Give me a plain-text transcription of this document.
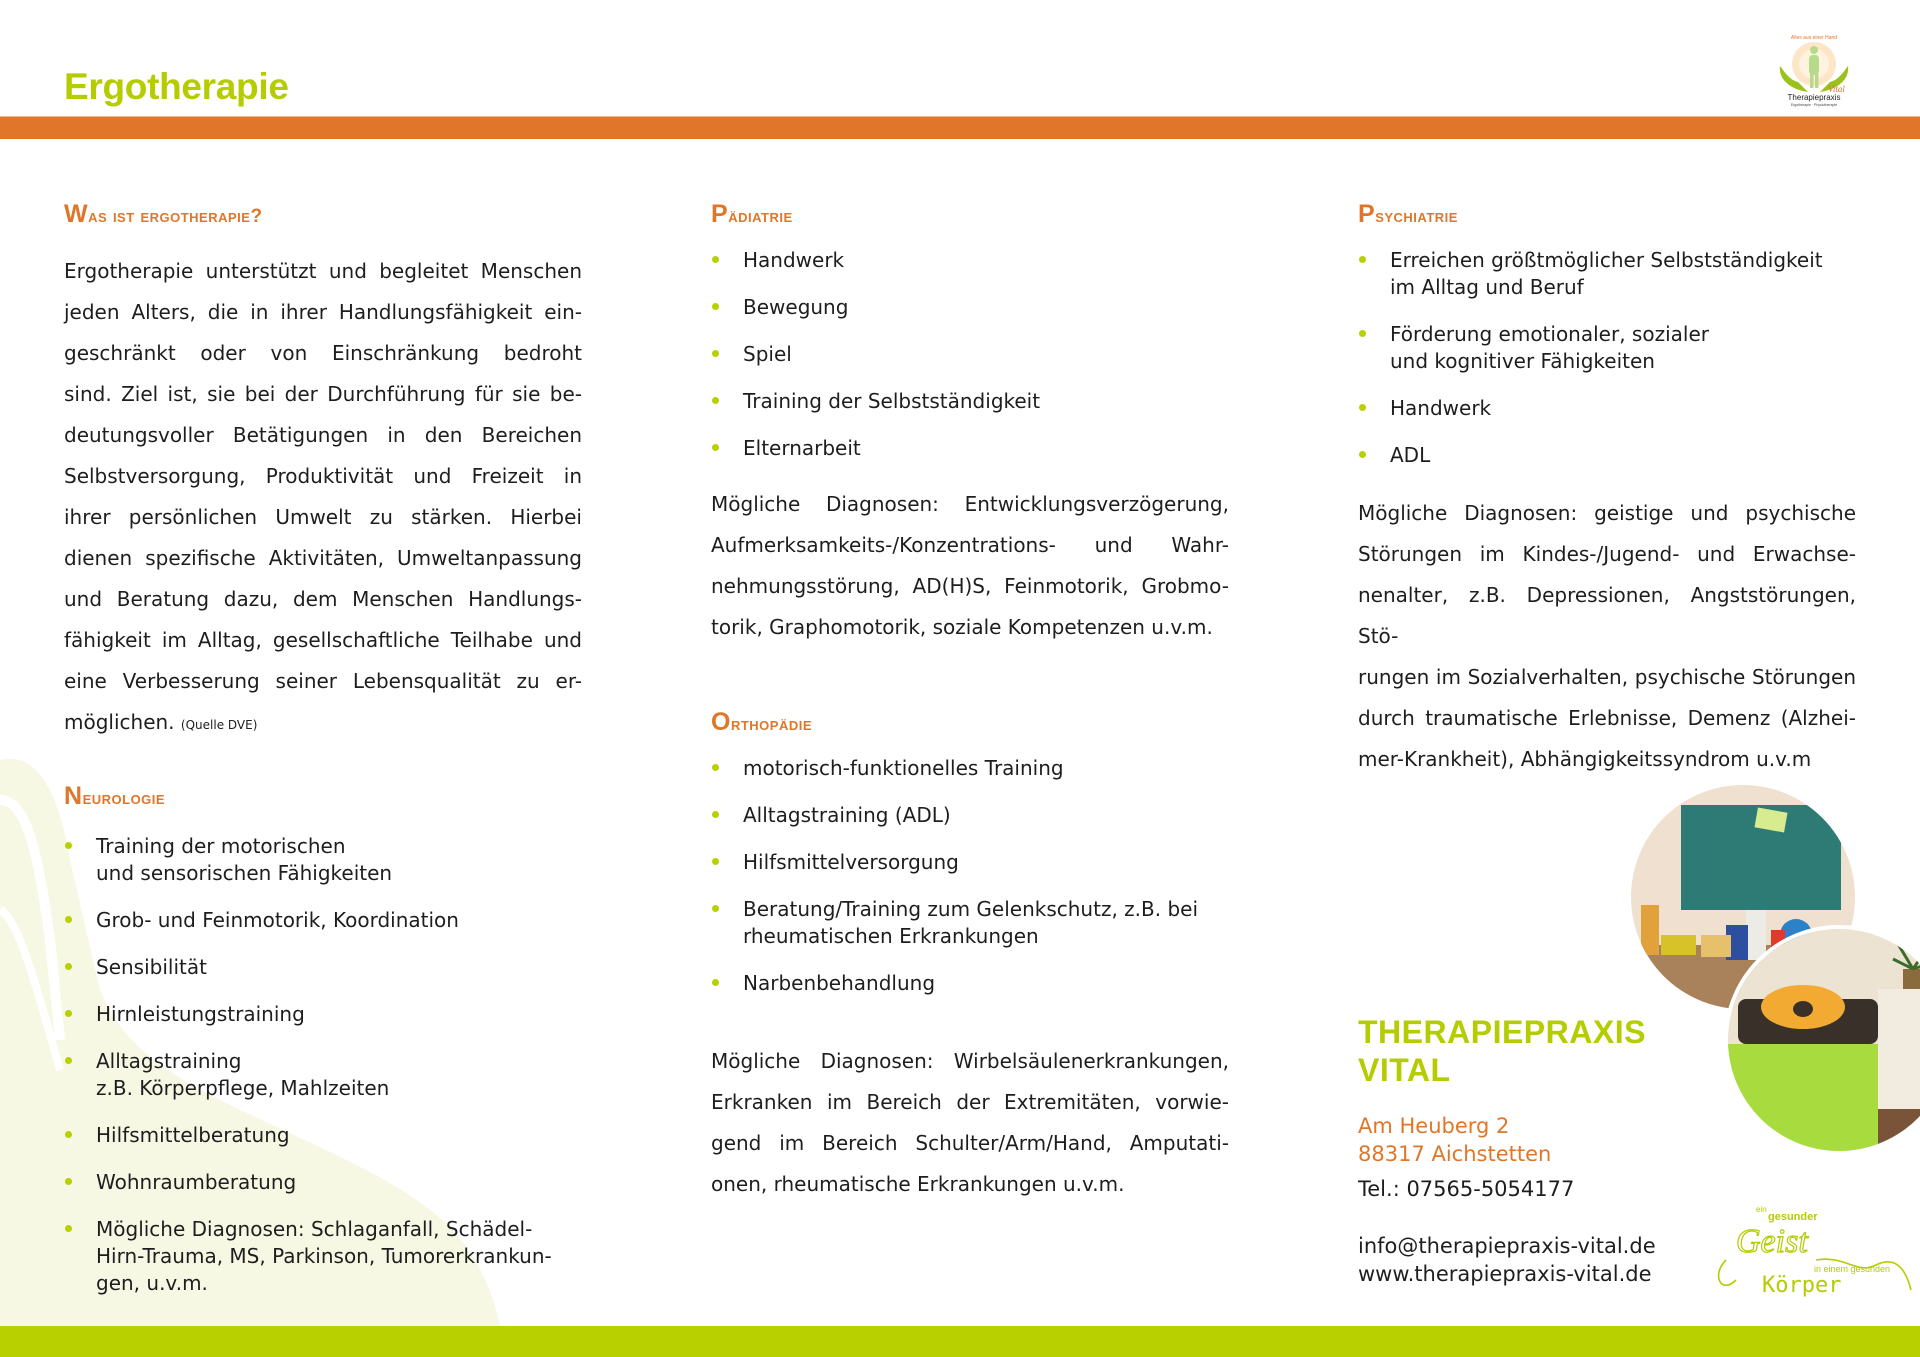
Ergotherapie
Alles aus einer Hand
Vital
Therapiepraxis
Ergotherapie · Physiotherapie
Was ist ergotherapie?

Ergotherapie unterstützt und begleitet Menschen
jeden Alters, die in ihrer Handlungsfähigkeit ein-
geschränkt oder von Einschränkung bedroht
sind. Ziel ist, sie bei der Durchführung für sie be-
deutungsvoller Betätigungen in den Bereichen
Selbstversorgung, Produktivität und Freizeit in
ihrer persönlichen Umwelt zu stärken. Hierbei
dienen spezifische Aktivitäten, Umweltanpassung
und Beratung dazu, dem Menschen Handlungs-
fähigkeit im Alltag, gesellschaftliche Teilhabe und
eine Verbesserung seiner Lebensqualität zu er-
möglichen. (Quelle DVE)

Neurologie
Training der motorischen
und sensorischen Fähigkeiten
Grob- und Feinmotorik, Koordination
Sensibilität
Hirnleistungstraining
Alltagstraining
z.B. Körperpflege, Mahlzeiten
Hilfsmittelberatung
Wohnraumberatung
Mögliche Diagnosen: Schlaganfall, Schädel-
Hirn-Trauma, MS, Parkinson, Tumorerkrankun-
gen, u.v.m.
Pädiatrie
Handwerk
Bewegung
Spiel
Training der Selbstständigkeit
Elternarbeit

Mögliche Diagnosen: Entwicklungsverzögerung,
Aufmerksamkeits-/Konzentrations- und Wahr-
nehmungsstörung, AD(H)S, Feinmotorik, Grobmo-
torik, Graphomotorik, soziale Kompetenzen u.v.m.

Orthopädie
motorisch-funktionelles Training
Alltagstraining (ADL)
Hilfsmittelversorgung
Beratung/Training zum Gelenkschutz, z.B. bei
rheumatischen Erkrankungen
Narbenbehandlung

Mögliche Diagnosen: Wirbelsäulenerkrankungen,
Erkranken im Bereich der Extremitäten, vorwie-
gend im Bereich Schulter/Arm/Hand, Amputati-
onen, rheumatische Erkrankungen u.v.m.

Psychiatrie
Erreichen größtmöglicher Selbstständigkeit
im Alltag und Beruf
Förderung emotionaler, sozialer
und kognitiver Fähigkeiten
Handwerk
ADL

Mögliche Diagnosen: geistige und psychische
Störungen im Kindes-/Jugend- und Erwachse-
nenalter, z.B. Depressionen, Angststörungen, Stö-
rungen im Sozialverhalten, psychische Störungen
durch traumatische Erlebnisse, Demenz (Alzhei-
mer-Krankheit), Abhängigkeitssyndrom u.v.m

THERAPIEPRAXIS
VITAL
Am Heuberg 2
88317 Aichstetten
Tel.: 07565-5054177
info@therapiepraxis-vital.de
www.therapiepraxis-vital.de
ein
gesunder
Geist
in einem gesunden
Körper
